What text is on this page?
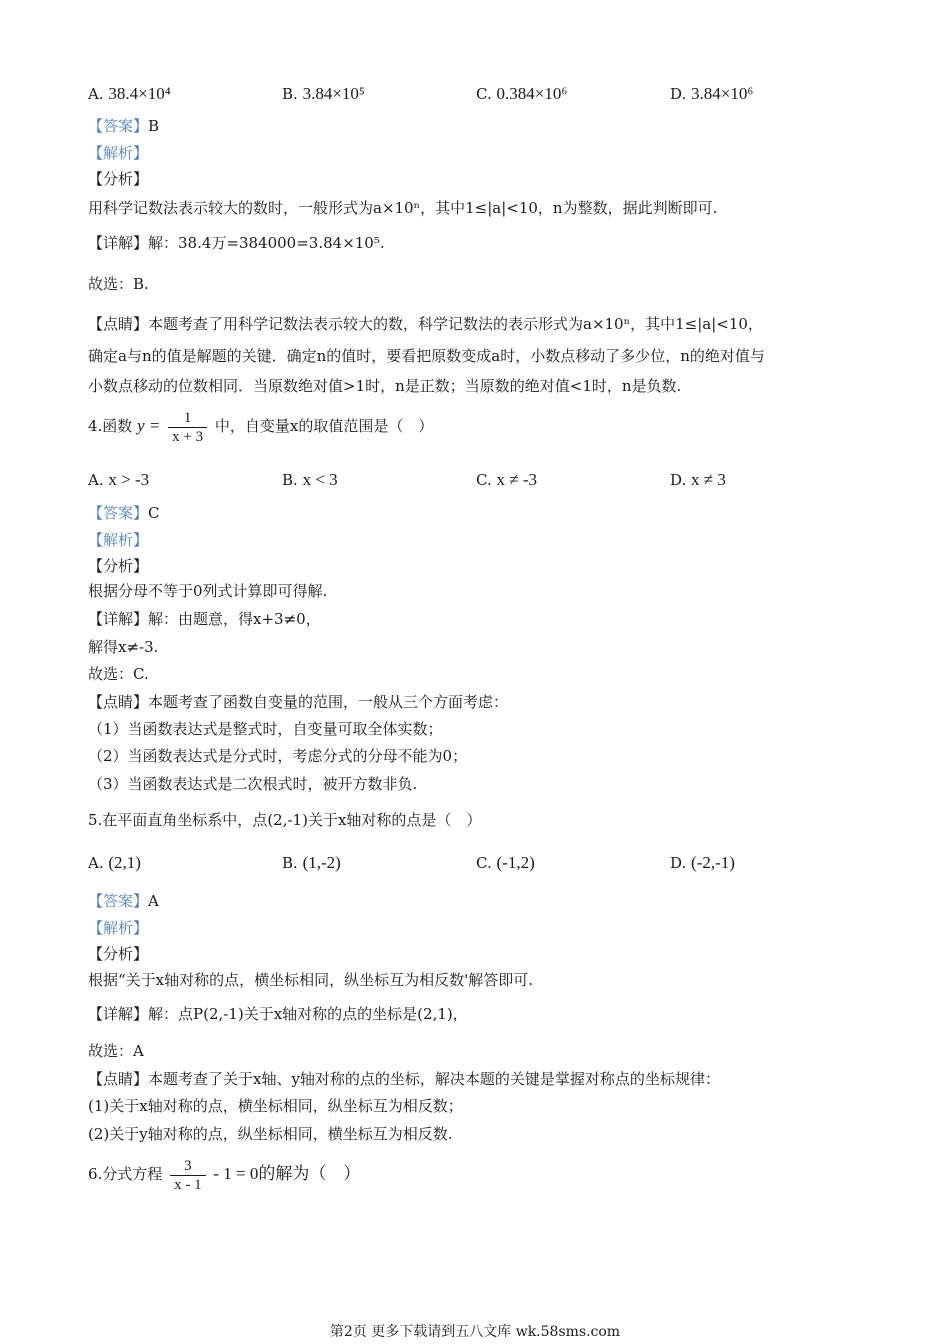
A. 38.4×10⁴	B. 3.84×10⁵	C. 0.384×10⁶	D. 3.84×10⁶
【答案】B
【解析】
【分析】
用科学记数法表示较大的数时，一般形式为a×10ⁿ，其中1≤|a|<10，n为整数，据此判断即可.
【详解】解：38.4万=384000=3.84×10⁵.
故选：B.
【点睛】本题考查了用科学记数法表示较大的数，科学记数法的表示形式为a×10ⁿ，其中1≤|a|<10，
确定a与n的值是解题的关键．确定n的值时，要看把原数变成a时，小数点移动了多少位，n的绝对值与
小数点移动的位数相同．当原数绝对值>1时，n是正数；当原数的绝对值<1时，n是负数.
4.函数 $y = \frac{1}{x + 3}$ 中，自变量x的取值范围是（　）
A. x > -3	B. x < 3	C. x ≠ -3	D. x ≠ 3
【答案】C
【解析】
【分析】
根据分母不等于0列式计算即可得解.
【详解】解：由题意，得x+3≠0，
解得x≠-3.
故选：C.
【点睛】本题考查了函数自变量的范围，一般从三个方面考虑：
（1）当函数表达式是整式时，自变量可取全体实数；
（2）当函数表达式是分式时，考虑分式的分母不能为0；
（3）当函数表达式是二次根式时，被开方数非负.
5.在平面直角坐标系中，点(2,-1)关于x轴对称的点是（　）
A. (2,1)	B. (1,-2)	C. (-1,2)	D. (-2,-1)
【答案】A
【解析】
【分析】
根据“关于x轴对称的点，横坐标相同，纵坐标互为相反数'解答即可.
【详解】解：点P(2,-1)关于x轴对称的点的坐标是(2,1)，
故选：A
【点睛】本题考查了关于x轴、y轴对称的点的坐标，解决本题的关键是掌握对称点的坐标规律：
(1)关于x轴对称的点，横坐标相同，纵坐标互为相反数；
(2)关于y轴对称的点，纵坐标相同，横坐标互为相反数.
6.分式方程 $\frac{3}{x - 1} - 1 = 0$的解为（　）
第2页 更多下载请到五八文库 wk.58sms.com
